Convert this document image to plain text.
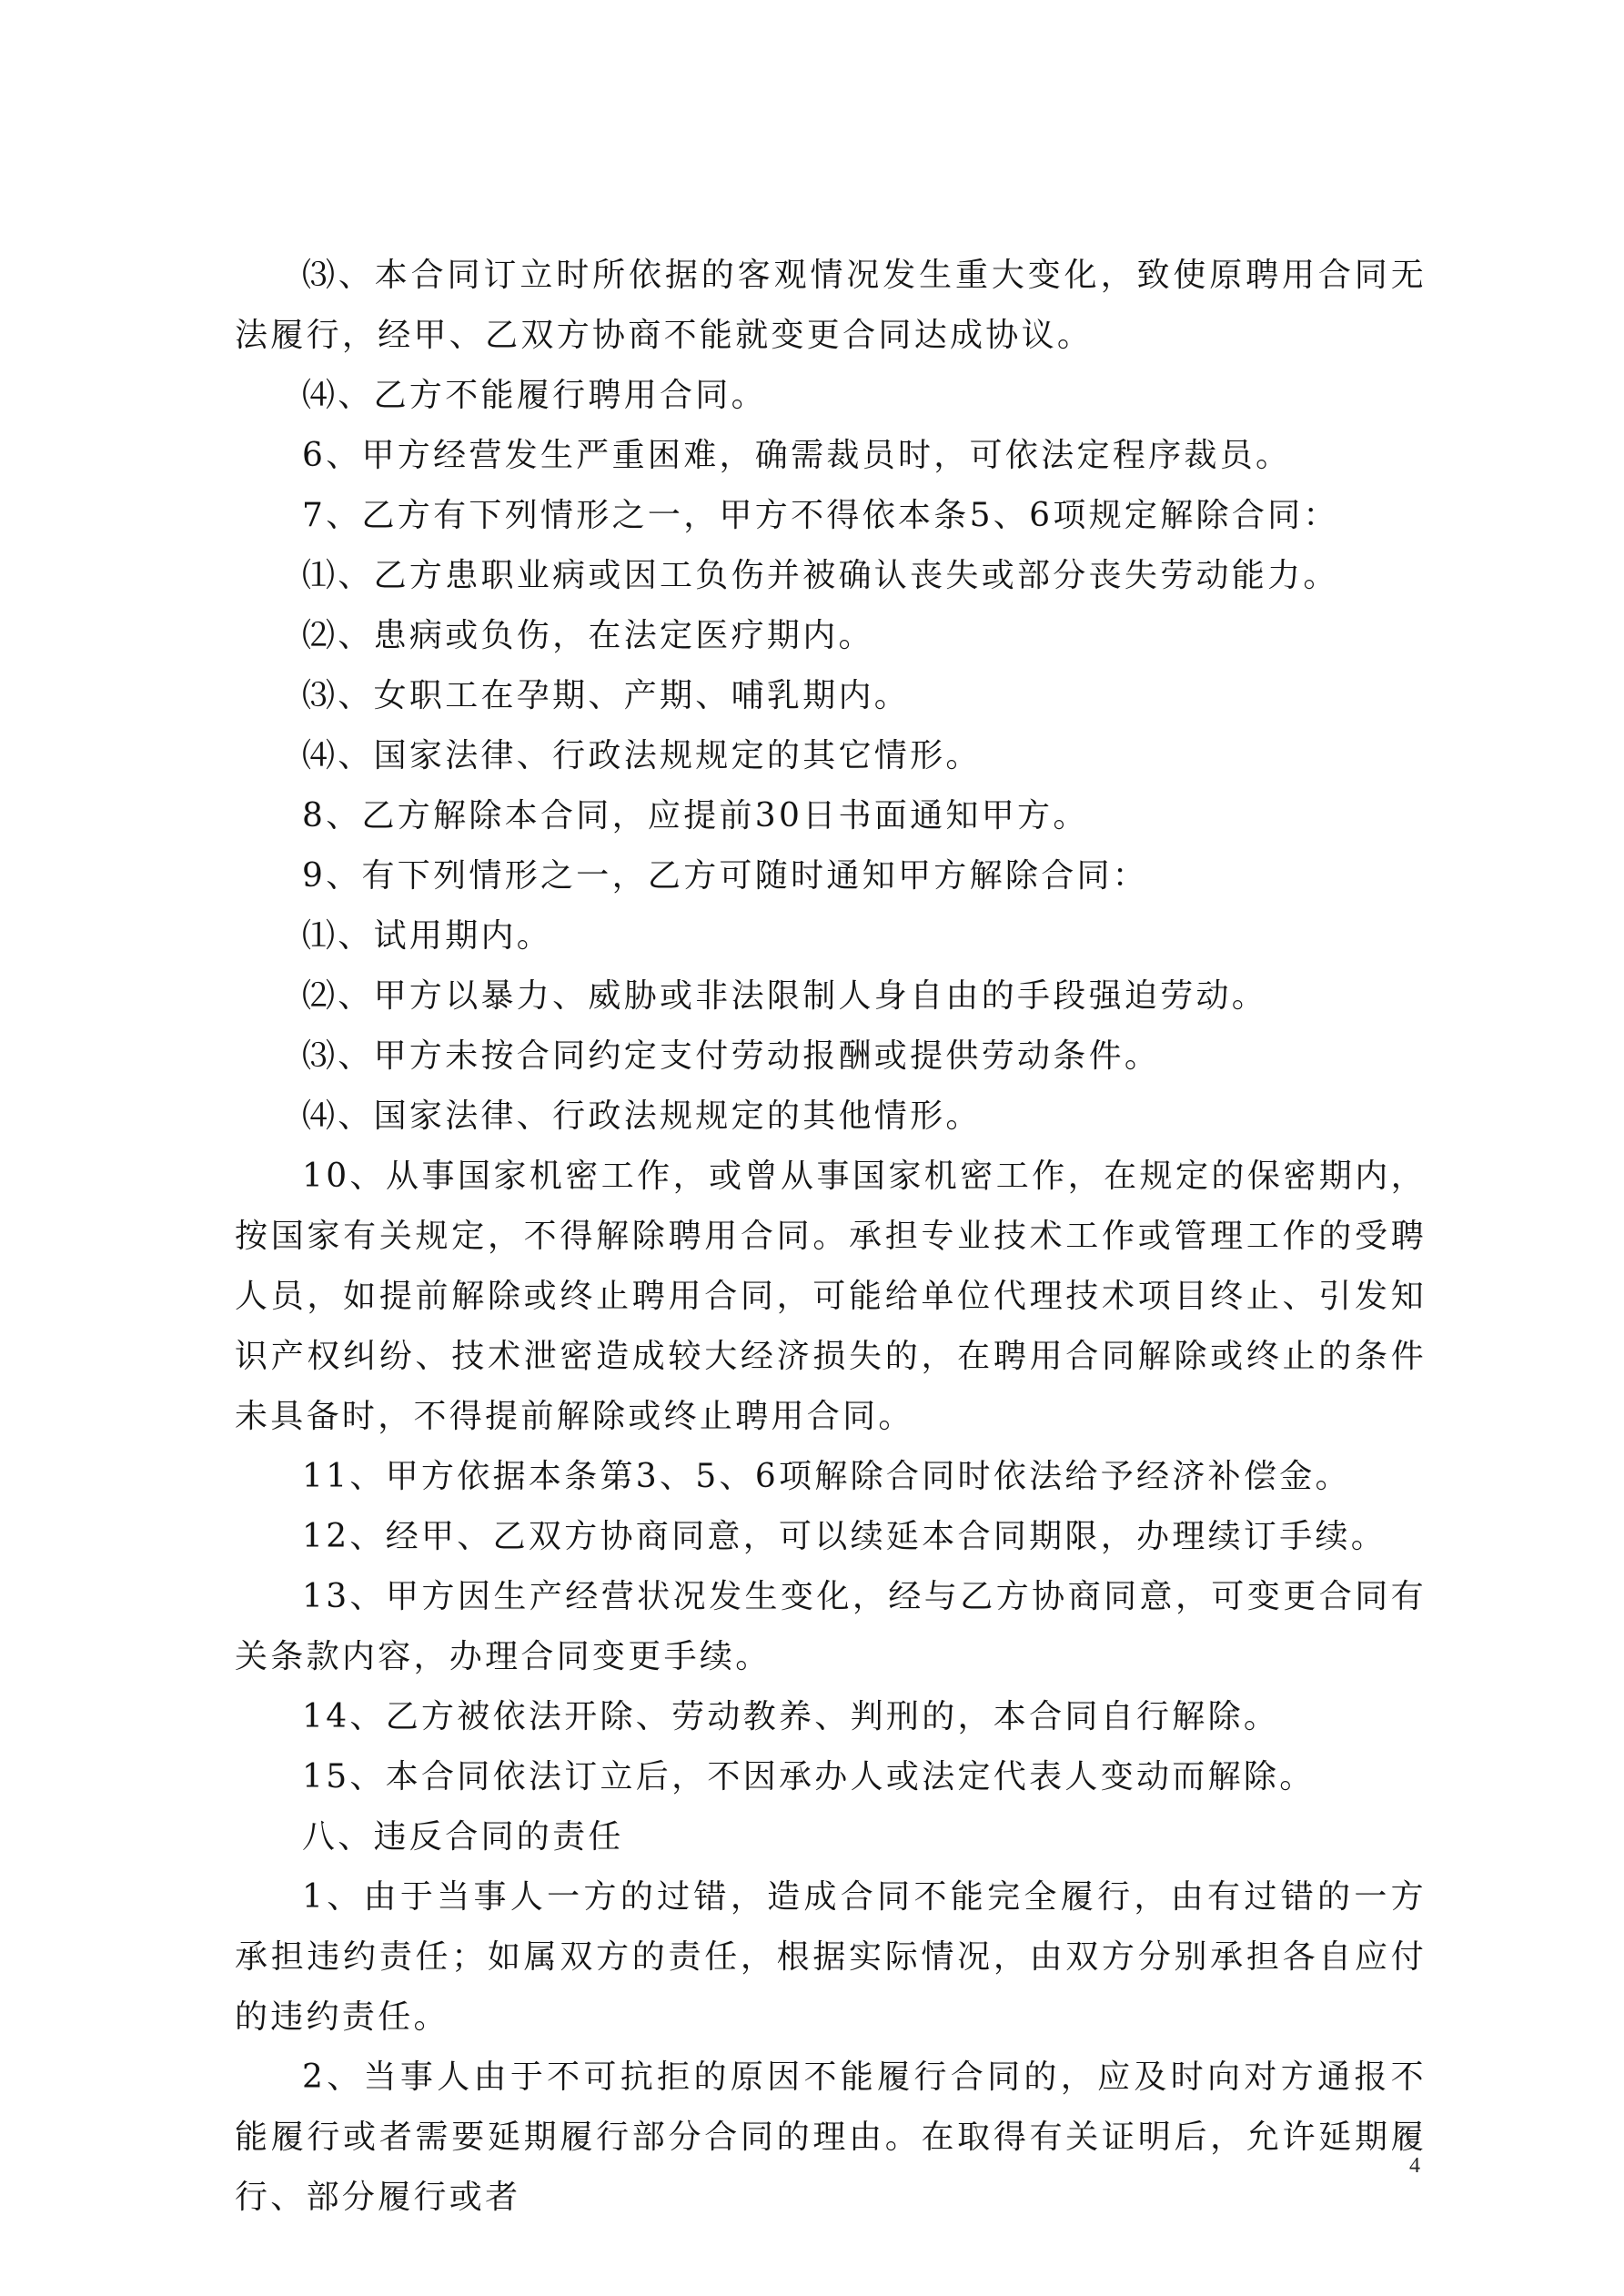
⑶、本合同订立时所依据的客观情况发生重大变化，致使原聘用合同无法履行，经甲、乙双方协商不能就变更合同达成协议。

⑷、乙方不能履行聘用合同。

6、甲方经营发生严重困难，确需裁员时，可依法定程序裁员。

7、乙方有下列情形之一，甲方不得依本条5、6项规定解除合同：

⑴、乙方患职业病或因工负伤并被确认丧失或部分丧失劳动能力。

⑵、患病或负伤，在法定医疗期内。

⑶、女职工在孕期、产期、哺乳期内。

⑷、国家法律、行政法规规定的其它情形。

8、乙方解除本合同，应提前30日书面通知甲方。

9、有下列情形之一，乙方可随时通知甲方解除合同：

⑴、试用期内。

⑵、甲方以暴力、威胁或非法限制人身自由的手段强迫劳动。

⑶、甲方未按合同约定支付劳动报酬或提供劳动条件。

⑷、国家法律、行政法规规定的其他情形。

10、从事国家机密工作，或曾从事国家机密工作，在规定的保密期内，按国家有关规定，不得解除聘用合同。承担专业技术工作或管理工作的受聘人员，如提前解除或终止聘用合同，可能给单位代理技术项目终止、引发知识产权纠纷、技术泄密造成较大经济损失的，在聘用合同解除或终止的条件未具备时，不得提前解除或终止聘用合同。

11、甲方依据本条第3、5、6项解除合同时依法给予经济补偿金。

12、经甲、乙双方协商同意，可以续延本合同期限，办理续订手续。

13、甲方因生产经营状况发生变化，经与乙方协商同意，可变更合同有关条款内容，办理合同变更手续。

14、乙方被依法开除、劳动教养、判刑的，本合同自行解除。

15、本合同依法订立后，不因承办人或法定代表人变动而解除。

八、违反合同的责任

1、由于当事人一方的过错，造成合同不能完全履行，由有过错的一方承担违约责任；如属双方的责任，根据实际情况，由双方分别承担各自应付的违约责任。

2、当事人由于不可抗拒的原因不能履行合同的，应及时向对方通报不能履行或者需要延期履行部分合同的理由。在取得有关证明后，允许延期履行、部分履行或者

4
